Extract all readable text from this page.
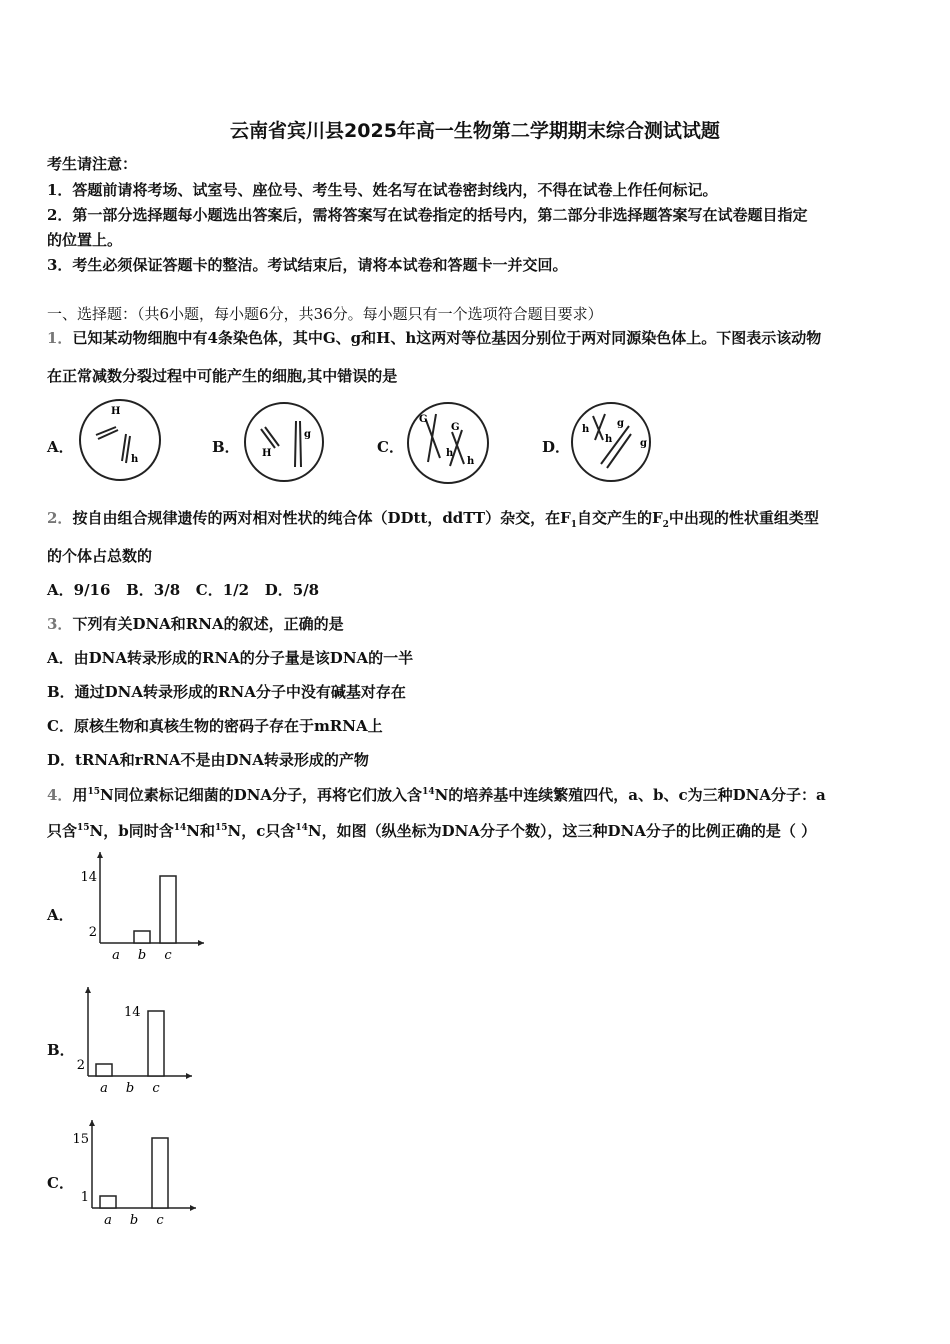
云南省宾川县2025年高一生物第二学期期末综合测试试题
考生请注意：
1．答题前请将考场、试室号、座位号、考生号、姓名写在试卷密封线内，不得在试卷上作任何标记。
2．第一部分选择题每小题选出答案后，需将答案写在试卷指定的括号内，第二部分非选择题答案写在试卷题目指定
的位置上。
3．考生必须保证答题卡的整洁。考试结束后，请将本试卷和答题卡一并交回。
一、选择题：（共6小题，每小题6分，共36分。每小题只有一个选项符合题目要求）
1．已知某动物细胞中有4条染色体，其中G、g和H、h这两对等位基因分别位于两对同源染色体上。下图表示该动物
在正常减数分裂过程中可能产生的细胞,其中错误的是
A．	B．	C．	D．
H
h
H
g
G
G
h
h
h
h
g
g
2．按自由组合规律遗传的两对相对性状的纯合体（DDtt，ddTT）杂交，在$F_1$自交产生的$F_2$中出现的性状重组类型
的个体占总数的
A．9/16   B．3/8   C．1/2   D．5/8
3．下列有关DNA和RNA的叙述，正确的是
A．由DNA转录形成的RNA的分子量是该DNA的一半
B．通过DNA转录形成的RNA分子中没有碱基对存在
C．原核生物和真核生物的密码子存在于mRNA上
D．tRNA和rRNA不是由DNA转录形成的产物
4．用$^{15}$N同位素标记细菌的DNA分子，再将它们放入含$^{14}$N的培养基中连续繁殖四代，a、b、c为三种DNA分子：a
只含$^{15}$N，b同时含$^{14}$N和$^{15}$N，c只含$^{14}$N，如图（纵坐标为DNA分子个数），这三种DNA分子的比例正确的是（ ）
A．
B．
C．
a b c
2
14
a b c
2
14
a b c
1
15
